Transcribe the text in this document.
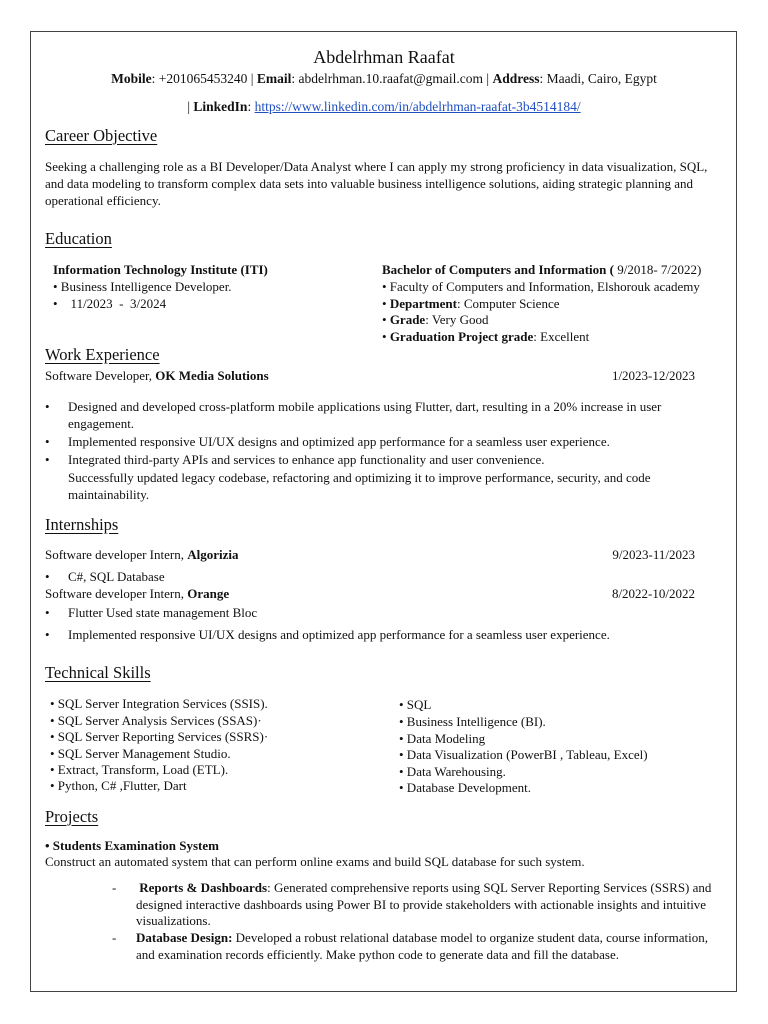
Abdelrhman Raafat
Mobile: +201065453240 | Email: abdelrhman.10.raafat@gmail.com | Address: Maadi, Cairo, Egypt
| LinkedIn: https://www.linkedin.com/in/abdelrhman-raafat-3b4514184/
Career Objective
Seeking a challenging role as a BI Developer/Data Analyst where I can apply my strong proficiency in data visualization, SQL, and data modeling to transform complex data sets into valuable business intelligence solutions, aiding strategic planning and operational efficiency.
Education
Information Technology Institute (ITI)
• Business Intelligence Developer.
•    11/2023  -  3/2024
Bachelor of Computers and Information ( 9/2018- 7/2022)
• Faculty of Computers and Information, Elshorouk academy
• Department: Computer Science
• Grade: Very Good
• Graduation Project grade: Excellent
Work Experience
Software Developer, OK Media Solutions	1/2023-12/2023
• Designed and developed cross-platform mobile applications using Flutter, dart, resulting in a 20% increase in user engagement.
• Implemented responsive UI/UX designs and optimized app performance for a seamless user experience.
• Integrated third-party APIs and services to enhance app functionality and user convenience.
Successfully updated legacy codebase, refactoring and optimizing it to improve performance, security, and code maintainability.
Internships
Software developer Intern, Algorizia	9/2023-11/2023
• C#, SQL Database
Software developer Intern, Orange	8/2022-10/2022
• Flutter Used state management Bloc
• Implemented responsive UI/UX designs and optimized app performance for a seamless user experience.
Technical Skills
• SQL Server Integration Services (SSIS).
• SQL Server Analysis Services (SSAS)·
• SQL Server Reporting Services (SSRS)·
• SQL Server Management Studio.
• Extract, Transform, Load (ETL).
• Python, C# ,Flutter, Dart
• SQL
• Business Intelligence (BI).
• Data Modeling
• Data Visualization (PowerBI , Tableau, Excel)
• Data Warehousing.
• Database Development.
Projects
• Students Examination System
Construct an automated system that can perform online exams and build SQL database for such system.
- Reports & Dashboards: Generated comprehensive reports using SQL Server Reporting Services (SSRS) and designed interactive dashboards using Power BI to provide stakeholders with actionable insights and intuitive visualizations.
- Database Design: Developed a robust relational database model to organize student data, course information, and examination records efficiently. Make python code to generate data and fill the database.
